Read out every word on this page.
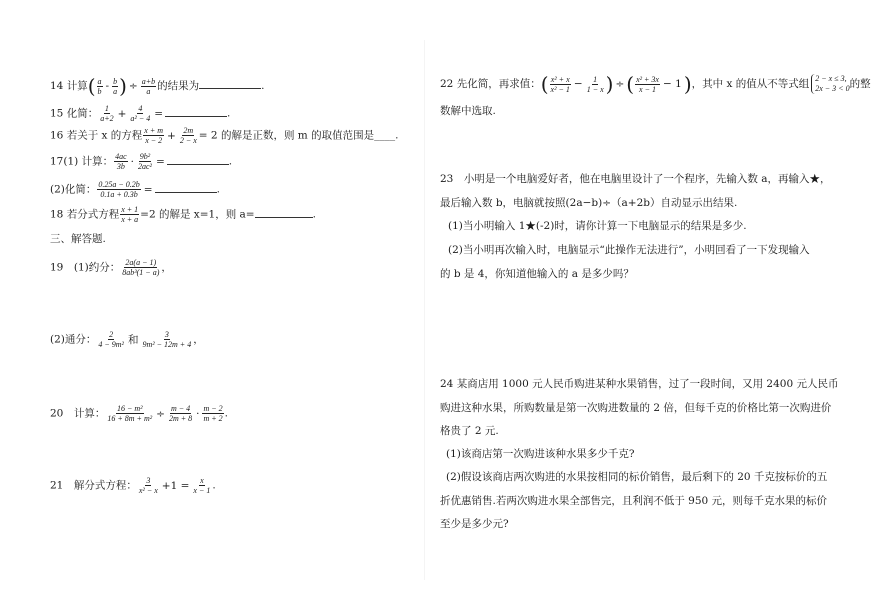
14 计算( $\frac{a}{b} - \frac{b}{a}$ ) ÷ $\frac{a+b}{a}$ 的结果为	.
15 化简： $\frac{1}{a+2} + \frac{4}{\text{a² − 4}}$ =	.
16 若关于 x 的方程 $\frac{x + m}{x - 2} + \frac{2m}{2 - x} = 2$ 的解是正数，则 m 的取值范围是____.
17(1) 计算： $\frac{4ac}{3b} \cdot \frac{\text{9b²}}{\text{2ac²}}$ =	.
(2)化简： $\frac{0.25a - 0.2b}{0.1a + 0.3b}$ =	.
18 若分式方程 $\frac{x + 1}{x + a} =2$ 的解是 x=1，则 a=	.
三、解答题.
19　(1)约分： $\frac{2a(a - 1)}{\text{8ab³(1 − a)}}$ ，
(2)通分： $\frac{2}{\text{4 − 9m²}}$ 和 $\frac{3}{\text{9m² − 12m + 4}}$ ，
20　计算： $\frac{\text{16 − m²}}{\text{16 + 8m + m²}} \div \frac{m - 4}{2m + 8} \cdot \frac{m - 2}{m + 2}$ .
21　解分式方程： $\frac{3}{\text{x² − x}} +1 = \frac{x}{x - 1}$ .
22 先化简，再求值：( $\frac{\text{x² + x}}{\text{x² − 1}} - \frac{1}{1 - x}$ ) ÷ ( $\frac{\text{x² + 3x}}{x - 1} - 1$ )，其中 x 的值从不等式组 2 − x ≤ 3,
2x − 3 < 0 的整
数解中选取.
23　小明是一个电脑爱好者，他在电脑里设计了一个程序，先输入数 a，再输入★，
最后输入数 b，电脑就按照(2a−b)÷（a+2b）自动显示出结果.
(1)当小明输入 1★(-2)时，请你计算一下电脑显示的结果是多少.
(2)当小明再次输入时，电脑显示“此操作无法进行”，小明回看了一下发现输入
的 b 是 4，你知道他输入的 a 是多少吗？
24 某商店用 1000 元人民币购进某种水果销售，过了一段时间，又用 2400 元人民币
购进这种水果，所购数量是第一次购进数量的 2 倍，但每千克的价格比第一次购进价
格贵了 2 元.
(1)该商店第一次购进该种水果多少千克?
(2)假设该商店两次购进的水果按相同的标价销售，最后剩下的 20 千克按标价的五
折优惠销售.若两次购进水果全部售完，且利润不低于 950 元，则每千克水果的标价
至少是多少元?
